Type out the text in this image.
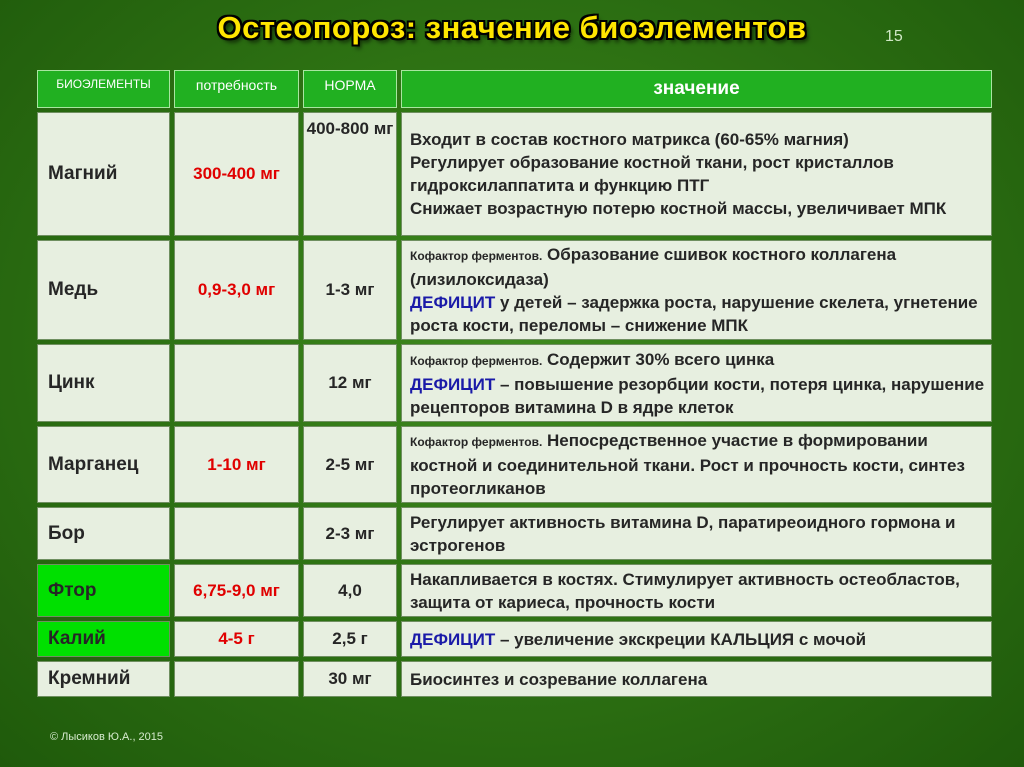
Остеопороз: значение биоэлементов	15
БИОЭЛЕМЕНТЫ	потребность	НОРМА	значение
Магний	300-400 мг	400-800 мг	Входит в состав костного матрикса (60-65% магния)
Регулирует образование костной ткани, рост кристаллов гидроксилаппатита и функцию ПТГ
Снижает возрастную потерю костной массы, увеличивает МПК

Медь	0,9-3,0 мг	1-3 мг	Кофактор ферментов. Образование сшивок костного коллагена (лизилоксидаза)
ДЕФИЦИТ у детей – задержка роста, нарушение скелета, угнетение роста кости, переломы – снижение МПК
Цинк		12 мг	Кофактор ферментов. Содержит 30% всего цинка
ДЕФИЦИТ – повышение резорбции кости, потеря цинка, нарушение рецепторов витамина D в ядре клеток
Марганец	1-10 мг	2-5 мг	Кофактор ферментов. Непосредственное участие в формировании костной и соединительной ткани. Рост и прочность кости, синтез протеогликанов
Бор		2-3 мг	Регулирует активность витамина D, паратиреоидного гормона и эстрогенов
Фтор	6,75-9,0 мг	4,0	Накапливается в костях. Стимулирует активность остеобластов, защита от кариеса, прочность кости
Калий	4-5 г	2,5 г	ДЕФИЦИТ – увеличение экскреции КАЛЬЦИЯ с мочой
Кремний		30 мг	Биосинтез и созревание коллагена
© Лысиков Ю.А., 2015
